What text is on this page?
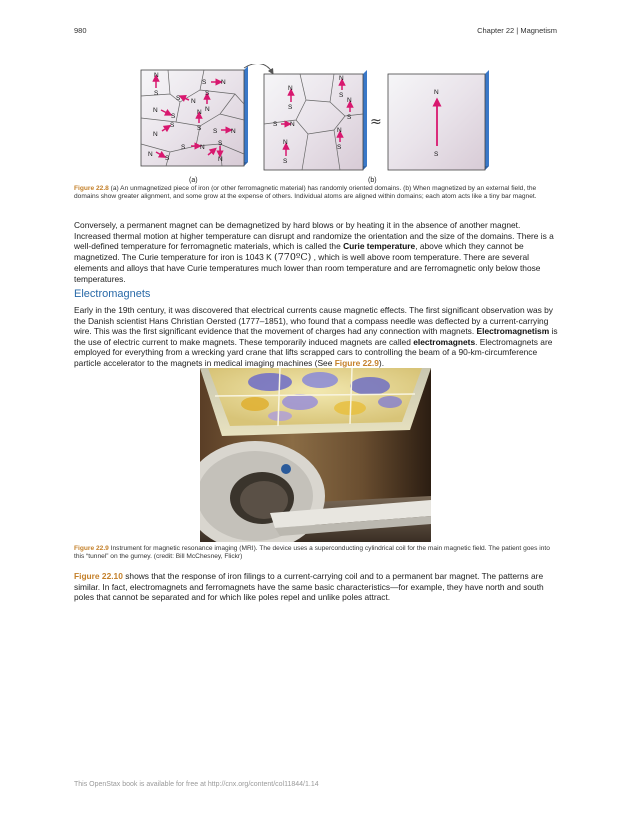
980	Chapter 22 | Magnetism
N
S
S N
S N
S
N
N
S
N
S
N
S
S N
S N
S
N
N
S
N
S
N
S
N
S
S N
N
S
N
S
≈
N
S
(a)	(b)
Figure 22.8 (a) An unmagnetized piece of iron (or other ferromagnetic material) has randomly oriented domains. (b) When magnetized by an external field, the domains show greater alignment, and some grow at the expense of others. Individual atoms are aligned within domains; each atom acts like a tiny bar magnet.

Conversely, a permanent magnet can be demagnetized by hard blows or by heating it in the absence of another magnet. Increased thermal motion at higher temperature can disrupt and randomize the orientation and the size of the domains. There is a well-defined temperature for ferromagnetic materials, which is called the Curie temperature, above which they cannot be magnetized. The Curie temperature for iron is 1043 K (770ºC) , which is well above room temperature. There are several elements and alloys that have Curie temperatures much lower than room temperature and are ferromagnetic only below those temperatures.

Electromagnets

Early in the 19th century, it was discovered that electrical currents cause magnetic effects. The first significant observation was by the Danish scientist Hans Christian Oersted (1777–1851), who found that a compass needle was deflected by a current-carrying wire. This was the first significant evidence that the movement of charges had any connection with magnets. Electromagnetism is the use of electric current to make magnets. These temporarily induced magnets are called electromagnets. Electromagnets are employed for everything from a wrecking yard crane that lifts scrapped cars to controlling the beam of a 90-km-circumference particle accelerator to the magnets in medical imaging machines (See Figure 22.9).

Figure 22.9 Instrument for magnetic resonance imaging (MRI). The device uses a superconducting cylindrical coil for the main magnetic field. The patient goes into this “tunnel” on the gurney. (credit: Bill McChesney, Flickr)

Figure 22.10 shows that the response of iron filings to a current-carrying coil and to a permanent bar magnet. The patterns are similar. In fact, electromagnets and ferromagnets have the same basic characteristics—for example, they have north and south poles that cannot be separated and for which like poles repel and unlike poles attract.

This OpenStax book is available for free at http://cnx.org/content/col11844/1.14
